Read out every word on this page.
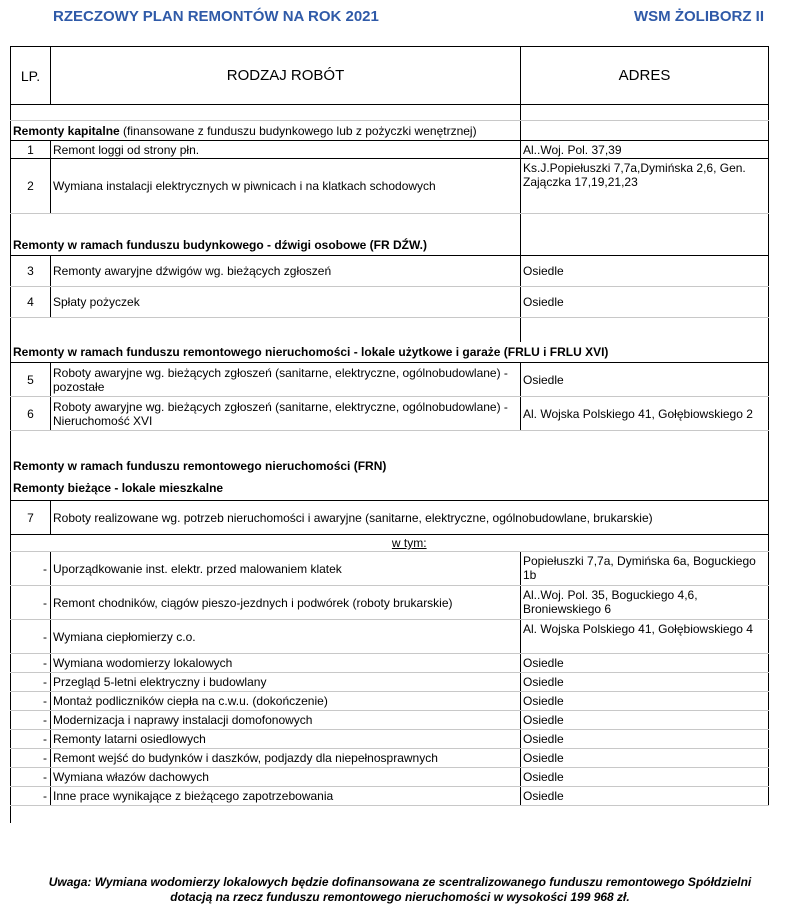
RZECZOWY PLAN REMONTÓW NA ROK 2021	WSM ŻOLIBORZ II
LP.	RODZAJ ROBÓT	ADRES

Remonty kapitalne (finansowane z funduszu budynkowego lub z pożyczki wenętrznej)		
1	Remont loggi od strony płn.	Al..Woj. Pol. 37,39
2	Wymiana instalacji elektrycznych w piwnicach i na klatkach schodowych	Ks.J.Popiełuszki 7,7a,Dymińska 2,6, Gen. Zajączka 17,19,21,23

Remonty w ramach funduszu budynkowego - dźwigi osobowe (FR DŹW.)		
3	Remonty awaryjne dźwigów wg. bieżących zgłoszeń	Osiedle
4	Spłaty pożyczek	Osiedle

Remonty w ramach funduszu remontowego nieruchomości - lokale użytkowe i garaże (FRLU i FRLU XVI)		
5	Roboty awaryjne wg. bieżących zgłoszeń (sanitarne, elektryczne, ogólnobudowlane) - pozostałe	Osiedle
6	Roboty awaryjne wg. bieżących zgłoszeń (sanitarne, elektryczne, ogólnobudowlane) - Nieruchomość XVI	Al. Wojska Polskiego 41, Gołębiowskiego 2

Remonty w ramach funduszu remontowego nieruchomości (FRN)		
Remonty bieżące - lokale mieszkalne		
7	Roboty realizowane wg. potrzeb nieruchomości i awaryjne (sanitarne, elektryczne, ogólnobudowlane, brukarskie)	
	w tym:	
-	Uporządkowanie inst. elektr. przed malowaniem klatek	Popiełuszki 7,7a, Dymińska 6a, Boguckiego 1b
-	Remont chodników, ciągów pieszo-jezdnych i podwórek (roboty brukarskie)	Al..Woj. Pol. 35, Boguckiego 4,6, Broniewskiego 6
-	Wymiana ciepłomierzy c.o.	Al. Wojska Polskiego 41, Gołębiowskiego 4
-	Wymiana wodomierzy lokalowych	Osiedle
-	Przegląd 5-letni elektryczny i budowlany	Osiedle
-	Montaż podliczników ciepła na c.w.u. (dokończenie)	Osiedle
-	Modernizacja i naprawy instalacji domofonowych	Osiedle
-	Remonty latarni osiedlowych	Osiedle
-	Remont wejść do budynków i daszków, podjazdy dla niepełnosprawnych	Osiedle
-	Wymiana włazów dachowych	Osiedle
-	Inne prace wynikające z bieżącego zapotrzebowania	Osiedle

Uwaga: Wymiana wodomierzy lokalowych będzie dofinansowana ze scentralizowanego funduszu remontowego Spółdzielni
dotacją na rzecz funduszu remontowego nieruchomości w wysokości 199 968 zł.
